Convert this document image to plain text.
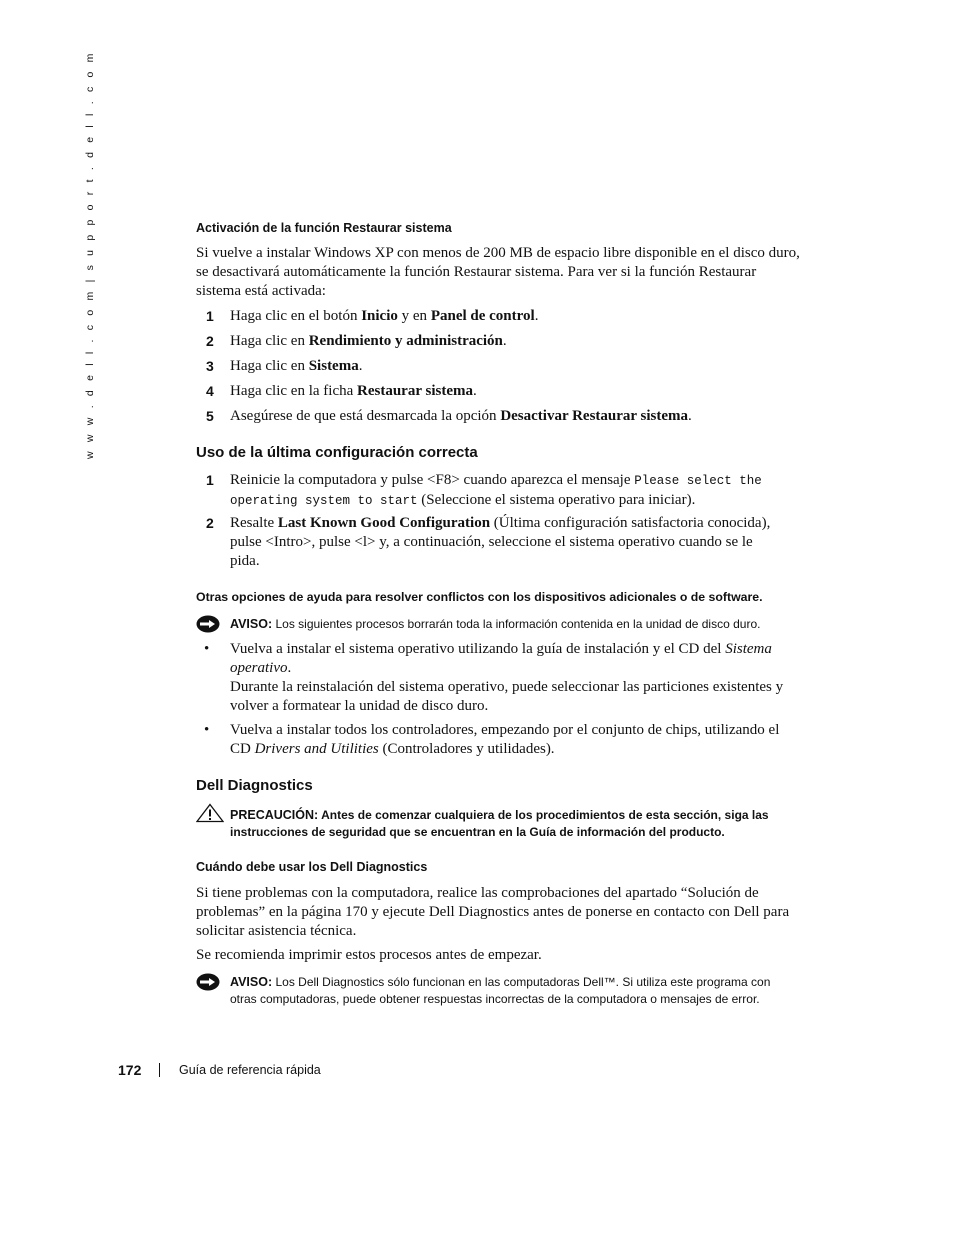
w w w . d e l l . c o m | s u p p o r t . d e l l . c o m	Activación de la función Restaurar sistema
Si vuelve a instalar Windows XP con menos de 200 MB de espacio libre disponible en el disco duro,
se desactivará automáticamente la función Restaurar sistema. Para ver si la función Restaurar
sistema está activada:
1 Haga clic en el botón Inicio y en Panel de control.
2 Haga clic en Rendimiento y administración.
3 Haga clic en Sistema.
4 Haga clic en la ficha Restaurar sistema.
5 Asegúrese de que está desmarcada la opción Desactivar Restaurar sistema.
Uso de la última configuración correcta
1 Reinicie la computadora y pulse <F8> cuando aparezca el mensaje Please select the
operating system to start (Seleccione el sistema operativo para iniciar).
2 Resalte Last Known Good Configuration (Última configuración satisfactoria conocida),
pulse <Intro>, pulse <l> y, a continuación, seleccione el sistema operativo cuando se le
pida.
Otras opciones de ayuda para resolver conflictos con los dispositivos adicionales o de software.
AVISO: Los siguientes procesos borrarán toda la información contenida en la unidad de disco duro.
• Vuelva a instalar el sistema operativo utilizando la guía de instalación y el CD del Sistema
operativo.
Durante la reinstalación del sistema operativo, puede seleccionar las particiones existentes y
volver a formatear la unidad de disco duro.
• Vuelva a instalar todos los controladores, empezando por el conjunto de chips, utilizando el
CD Drivers and Utilities (Controladores y utilidades).
Dell Diagnostics
PRECAUCIÓN: Antes de comenzar cualquiera de los procedimientos de esta sección, siga las
instrucciones de seguridad que se encuentran en la Guía de información del producto.
Cuándo debe usar los Dell Diagnostics
Si tiene problemas con la computadora, realice las comprobaciones del apartado “Solución de
problemas” en la página 170 y ejecute Dell Diagnostics antes de ponerse en contacto con Dell para
solicitar asistencia técnica.
Se recomienda imprimir estos procesos antes de empezar.
AVISO: Los Dell Diagnostics sólo funcionan en las computadoras Dell™. Si utiliza este programa con
otras computadoras, puede obtener respuestas incorrectas de la computadora o mensajes de error.
172	Guía de referencia rápida
